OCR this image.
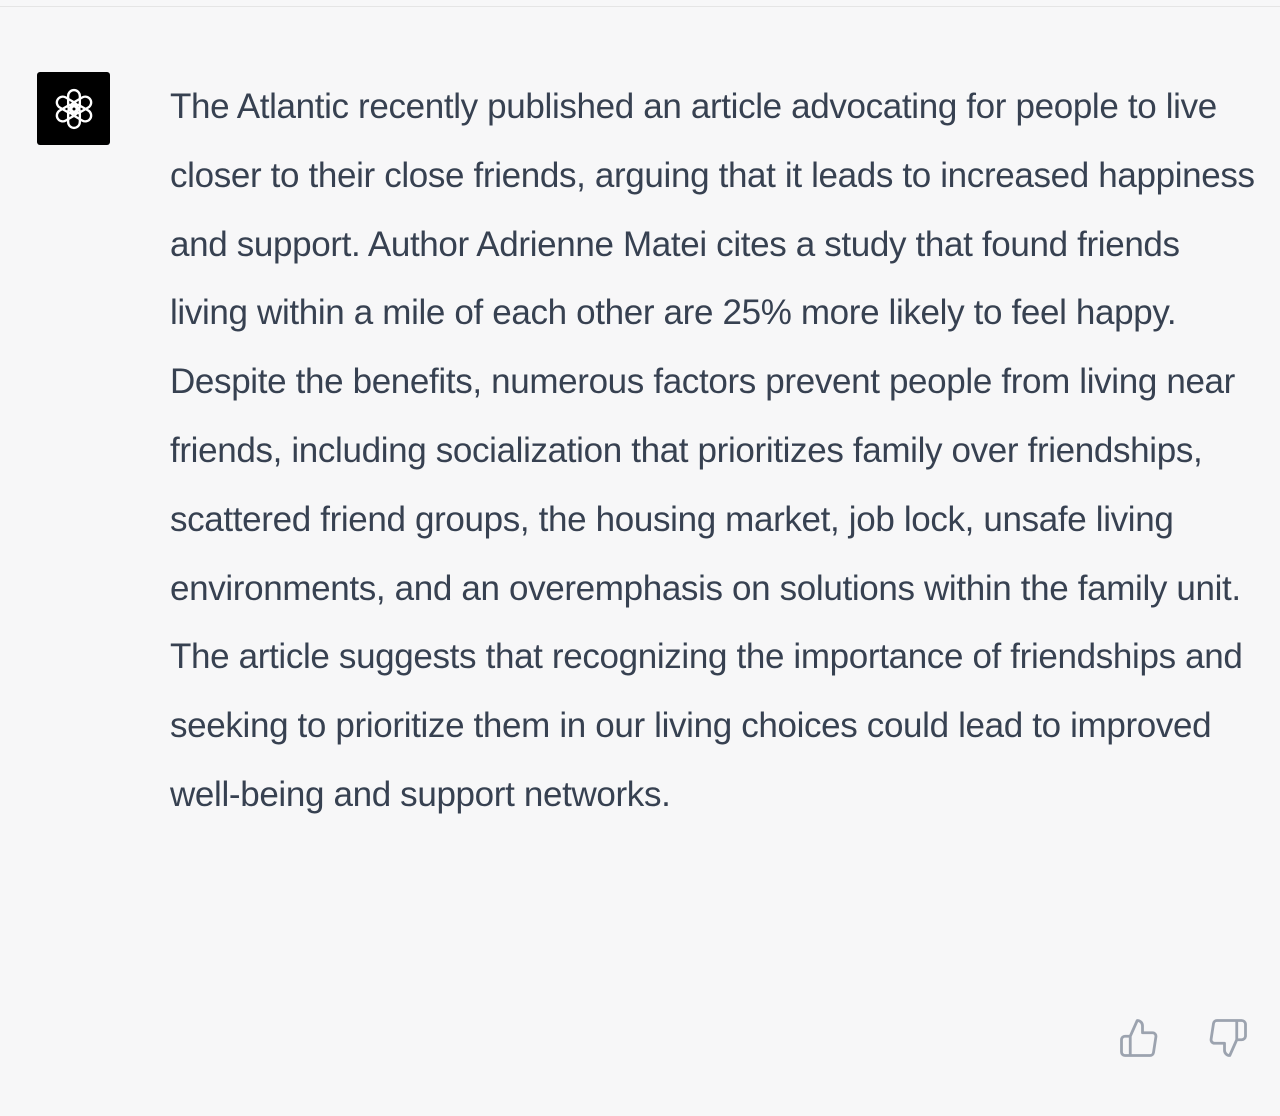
The Atlantic recently published an article advocating for people to live closer to their close friends, arguing that it leads to increased happiness and support. Author Adrienne Matei cites a study that found friends living within a mile of each other are 25% more likely to feel happy. Despite the benefits, numerous factors prevent people from living near friends, including socialization that prioritizes family over friendships, scattered friend groups, the housing market, job lock, unsafe living environments, and an overemphasis on solutions within the family unit. The article suggests that recognizing the importance of friendships and seeking to prioritize them in our living choices could lead to improved well-being and support networks.
